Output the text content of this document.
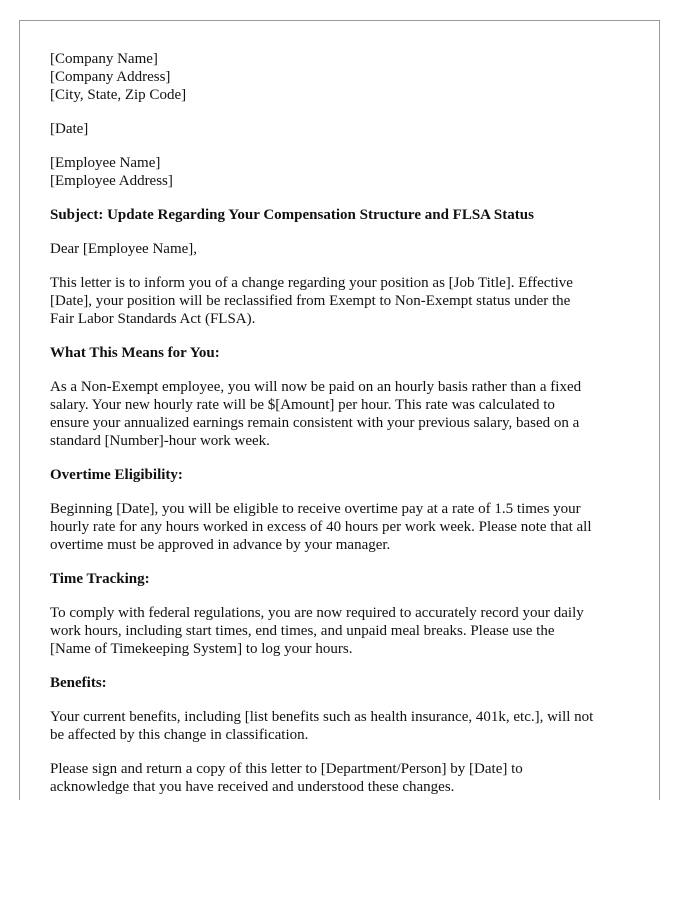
[Company Name]
[Company Address]
[City, State, Zip Code]
[Date]
[Employee Name]
[Employee Address]

Subject: Update Regarding Your Compensation Structure and FLSA Status

Dear [Employee Name],

This letter is to inform you of a change regarding your position as [Job Title]. Effective
[Date], your position will be reclassified from Exempt to Non-Exempt status under the
Fair Labor Standards Act (FLSA).

What This Means for You:

As a Non-Exempt employee, you will now be paid on an hourly basis rather than a fixed
salary. Your new hourly rate will be $[Amount] per hour. This rate was calculated to
ensure your annualized earnings remain consistent with your previous salary, based on a
standard [Number]-hour work week.

Overtime Eligibility:

Beginning [Date], you will be eligible to receive overtime pay at a rate of 1.5 times your
hourly rate for any hours worked in excess of 40 hours per work week. Please note that all
overtime must be approved in advance by your manager.

Time Tracking:

To comply with federal regulations, you are now required to accurately record your daily
work hours, including start times, end times, and unpaid meal breaks. Please use the
[Name of Timekeeping System] to log your hours.

Benefits:

Your current benefits, including [list benefits such as health insurance, 401k, etc.], will not
be affected by this change in classification.
Please sign and return a copy of this letter to [Department/Person] by [Date] to
acknowledge that you have received and understood these changes.
